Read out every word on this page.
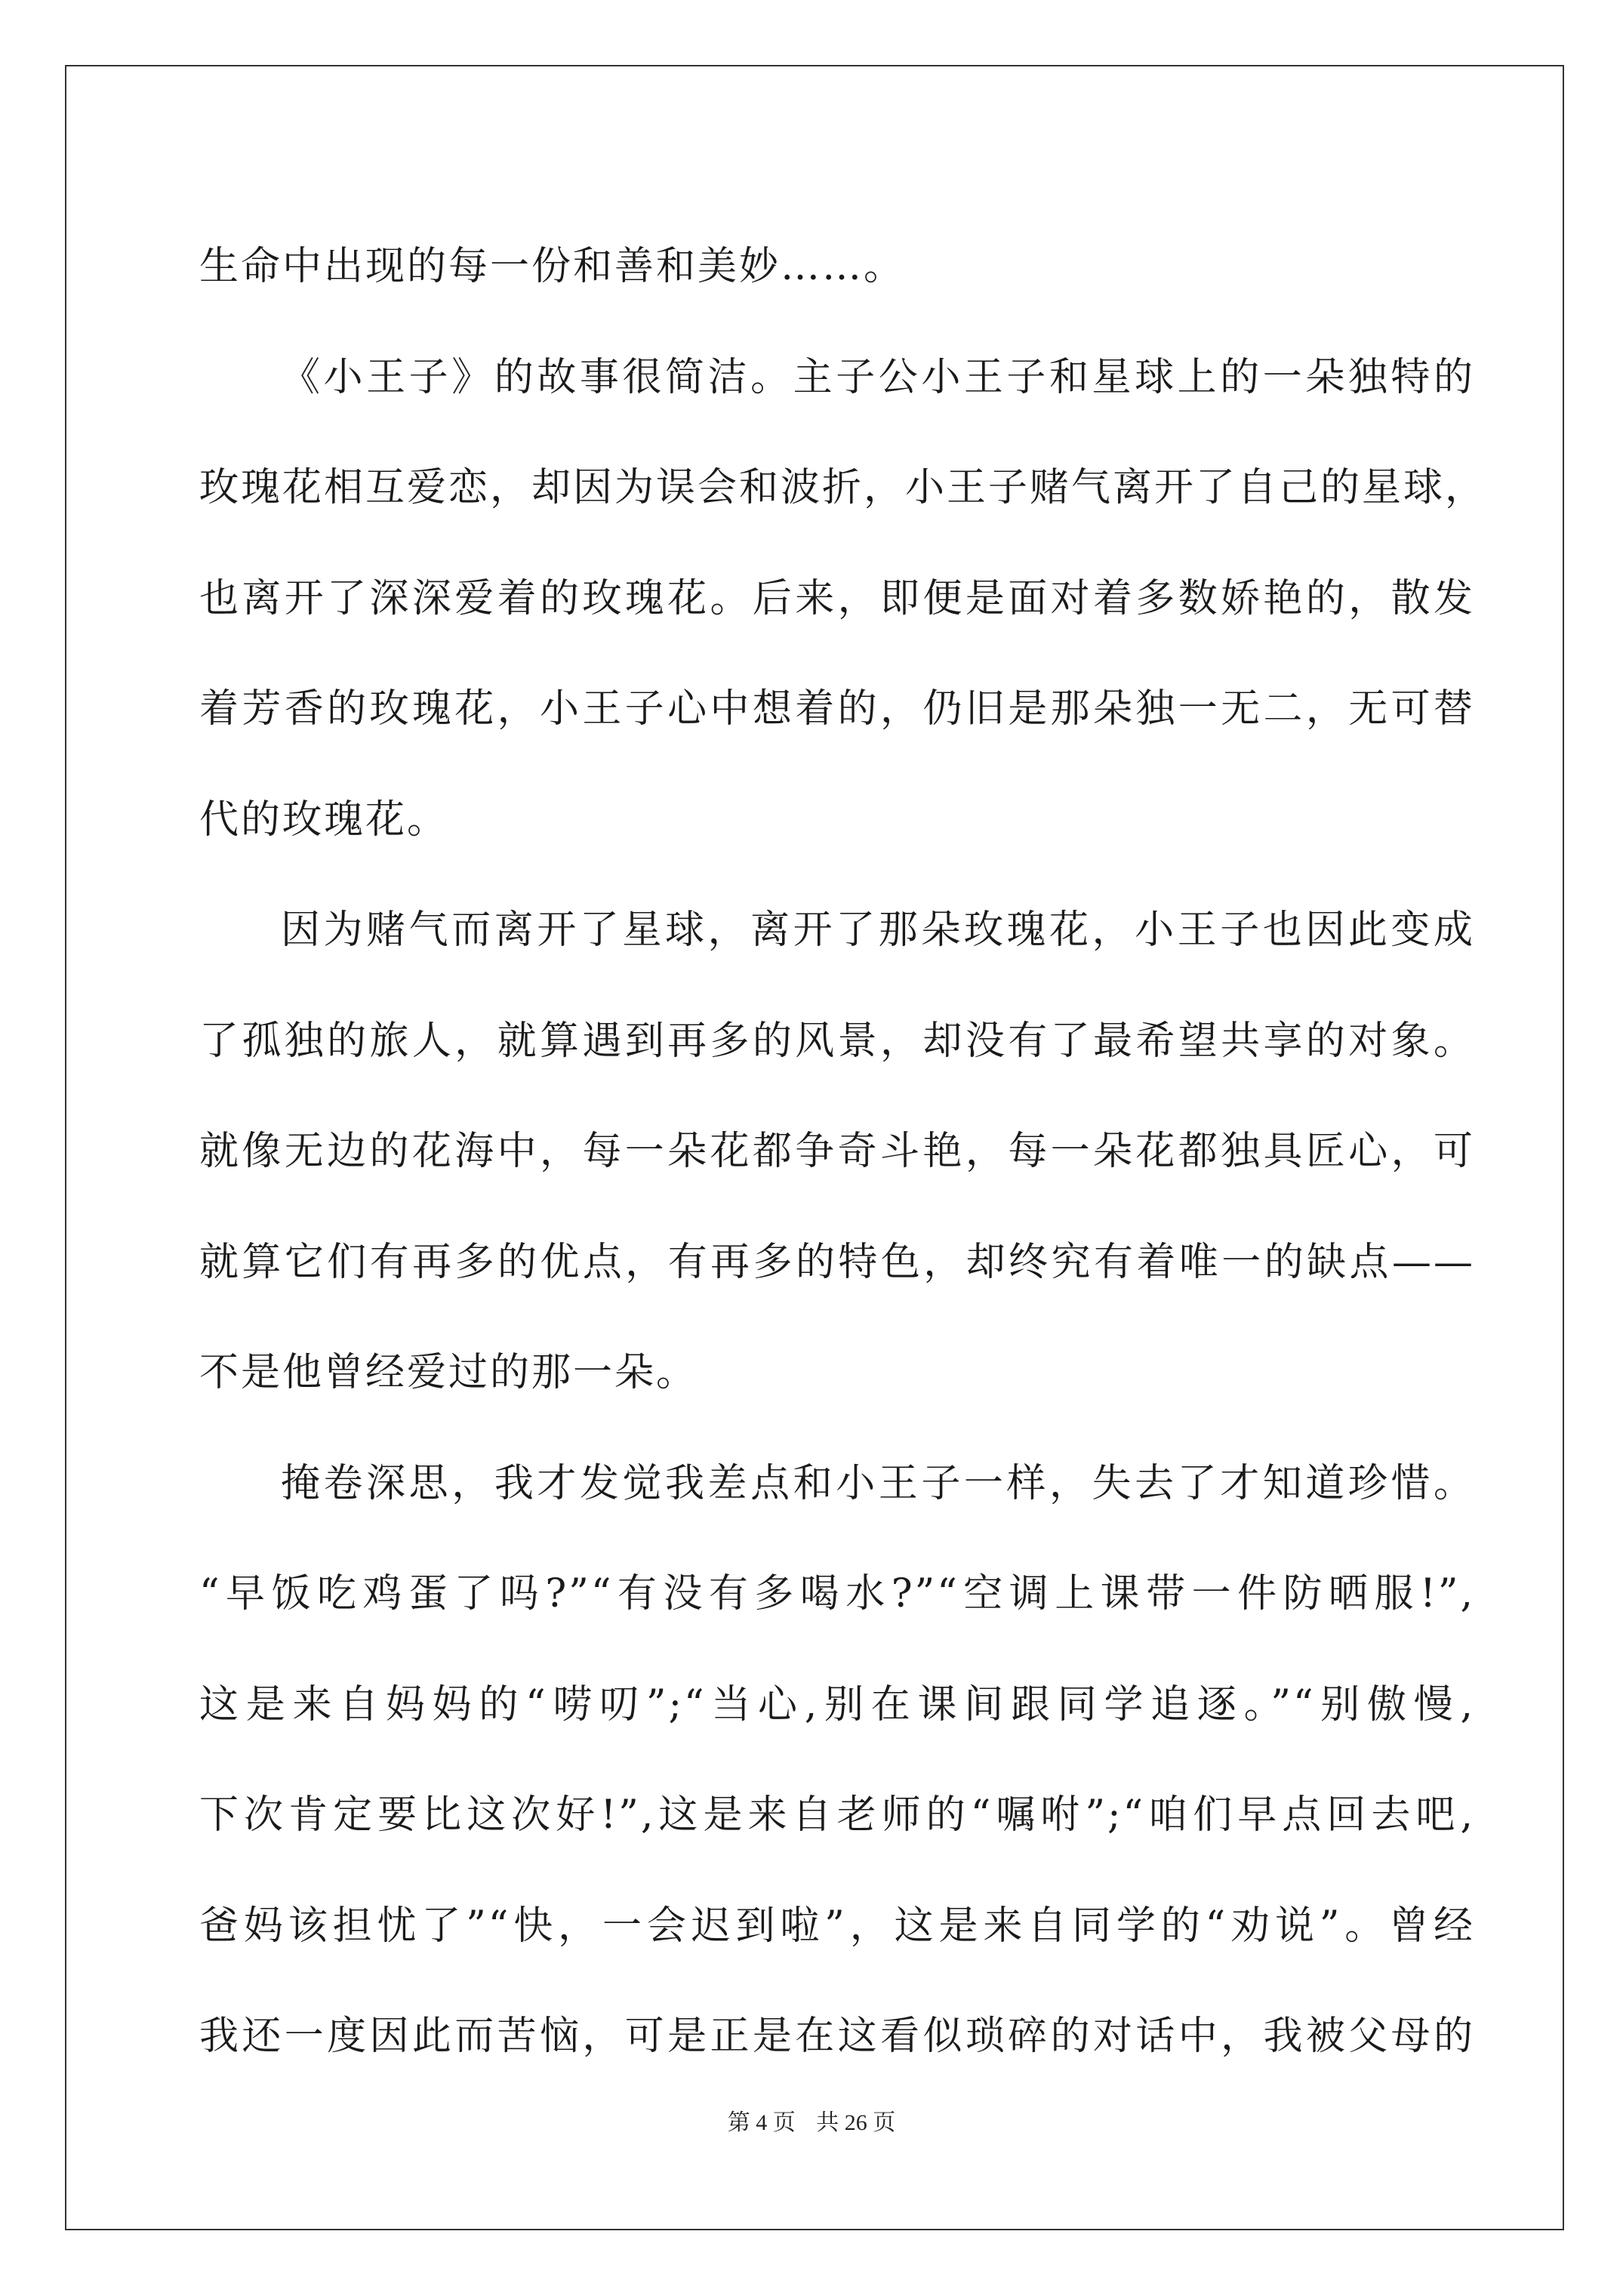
生命中出现的每一份和善和美妙……。
《小王子》的故事很简洁。主子公小王子和星球上的一朵独特的
玫瑰花相互爱恋，却因为误会和波折，小王子赌气离开了自己的星球，
也离开了深深爱着的玫瑰花。后来，即便是面对着多数娇艳的，散发
着芳香的玫瑰花，小王子心中想着的，仍旧是那朵独一无二，无可替
代的玫瑰花。
因为赌气而离开了星球，离开了那朵玫瑰花，小王子也因此变成
了孤独的旅人，就算遇到再多的风景，却没有了最希望共享的对象。
就像无边的花海中，每一朵花都争奇斗艳，每一朵花都独具匠心，可
就算它们有再多的优点，有再多的特色，却终究有着唯一的缺点——
不是他曾经爱过的那一朵。
掩卷深思，我才发觉我差点和小王子一样，失去了才知道珍惜。
“早饭吃鸡蛋了吗?”“有没有多喝水?”“空调上课带一件防晒服!”,
这是来自妈妈的“唠叨”;“当心,别在课间跟同学追逐。”“别傲慢,
下次肯定要比这次好!”,这是来自老师的“嘱咐”;“咱们早点回去吧,
爸妈该担忧了”“快，一会迟到啦”，这是来自同学的“劝说”。曾经
我还一度因此而苦恼，可是正是在这看似琐碎的对话中，我被父母的
第 4 页 共 26 页
